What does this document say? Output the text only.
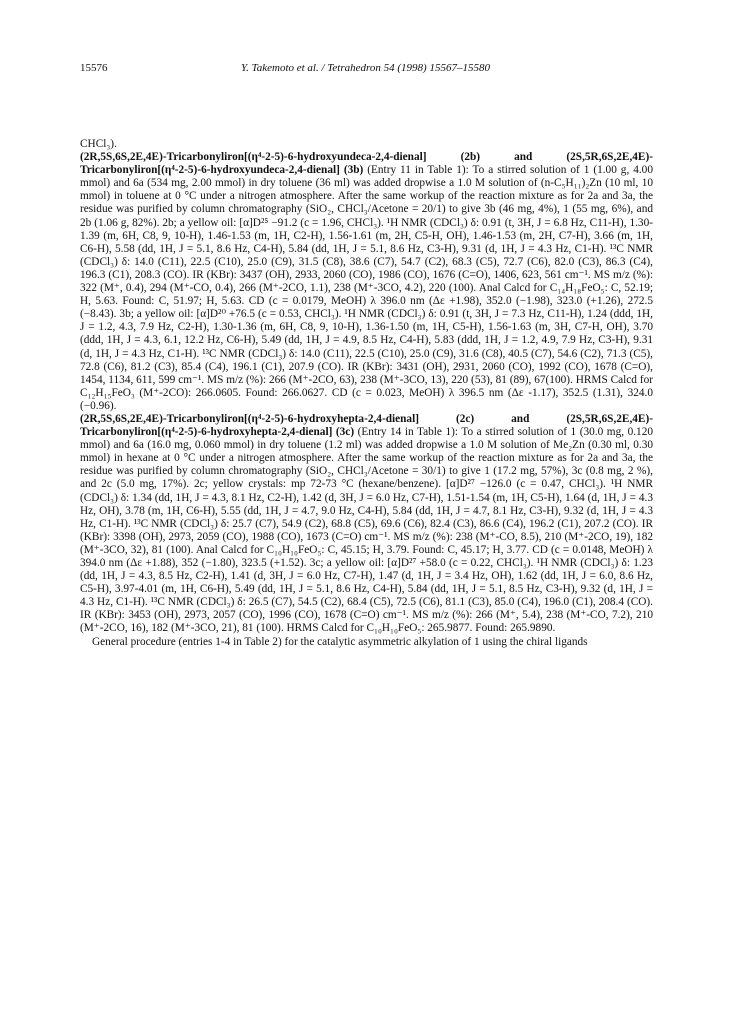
15576	Y. Takemoto et al. / Tetrahedron 54 (1998) 15567–15580

CHCl₃).

(2R,5S,6S,2E,4E)-Tricarbonyliron[(η⁴-2-5)-6-hydroxyundeca-2,4-dienal] (2b) and (2S,5R,6S,2E,4E)-Tricarbonyliron[(η⁴-2-5)-6-hydroxyundeca-2,4-dienal] (3b) (Entry 11 in Table 1): To a stirred solution of 1 (1.00 g, 4.00 mmol) and 6a (534 mg, 2.00 mmol) in dry toluene (36 ml) was added dropwise a 1.0 M solution of (n-C₅H₁₁)₂Zn (10 ml, 10 mmol) in toluene at 0 °C under a nitrogen atmosphere. After the same workup of the reaction mixture as for 2a and 3a, the residue was purified by column chromatography (SiO₂, CHCl₃/Acetone = 20/1) to give 3b (46 mg, 4%), 1 (55 mg, 6%), and 2b (1.06 g, 82%). 2b; a yellow oil: [α]D²⁵ −91.2 (c = 1.96, CHCl₃). ¹H NMR (CDCl₃) δ: 0.91 (t, 3H, J = 6.8 Hz, C11-H), 1.30-1.39 (m, 6H, C8, 9, 10-H), 1.46-1.53 (m, 1H, C2-H), 1.56-1.61 (m, 2H, C5-H, OH), 1.46-1.53 (m, 2H, C7-H), 3.66 (m, 1H, C6-H), 5.58 (dd, 1H, J = 5.1, 8.6 Hz, C4-H), 5.84 (dd, 1H, J = 5.1, 8.6 Hz, C3-H), 9.31 (d, 1H, J = 4.3 Hz, C1-H). ¹³C NMR (CDCl₃) δ: 14.0 (C11), 22.5 (C10), 25.0 (C9), 31.5 (C8), 38.6 (C7), 54.7 (C2), 68.3 (C5), 72.7 (C6), 82.0 (C3), 86.3 (C4), 196.3 (C1), 208.3 (CO). IR (KBr): 3437 (OH), 2933, 2060 (CO), 1986 (CO), 1676 (C=O), 1406, 623, 561 cm⁻¹. MS m/z (%): 322 (M⁺, 0.4), 294 (M⁺-CO, 0.4), 266 (M⁺-2CO, 1.1), 238 (M⁺-3CO, 4.2), 220 (100). Anal Calcd for C₁₄H₁₈FeO₅: C, 52.19; H, 5.63. Found: C, 51.97; H, 5.63. CD (c = 0.0179, MeOH) λ 396.0 nm (Δε +1.98), 352.0 (−1.98), 323.0 (+1.26), 272.5 (−8.43). 3b; a yellow oil: [α]D²⁰ +76.5 (c = 0.53, CHCl₃). ¹H NMR (CDCl₃) δ: 0.91 (t, 3H, J = 7.3 Hz, C11-H), 1.24 (ddd, 1H, J = 1.2, 4.3, 7.9 Hz, C2-H), 1.30-1.36 (m, 6H, C8, 9, 10-H), 1.36-1.50 (m, 1H, C5-H), 1.56-1.63 (m, 3H, C7-H, OH), 3.70 (ddd, 1H, J = 4.3, 6.1, 12.2 Hz, C6-H), 5.49 (dd, 1H, J = 4.9, 8.5 Hz, C4-H), 5.83 (ddd, 1H, J = 1.2, 4.9, 7.9 Hz, C3-H), 9.31 (d, 1H, J = 4.3 Hz, C1-H). ¹³C NMR (CDCl₃) δ: 14.0 (C11), 22.5 (C10), 25.0 (C9), 31.6 (C8), 40.5 (C7), 54.6 (C2), 71.3 (C5), 72.8 (C6), 81.2 (C3), 85.4 (C4), 196.1 (C1), 207.9 (CO). IR (KBr): 3431 (OH), 2931, 2060 (CO), 1992 (CO), 1678 (C=O), 1454, 1134, 611, 599 cm⁻¹. MS m/z (%): 266 (M⁺-2CO, 63), 238 (M⁺-3CO, 13), 220 (53), 81 (89), 67(100). HRMS Calcd for C₁₂H₁₅FeO₃ (M⁺-2CO): 266.0605. Found: 266.0627. CD (c = 0.023, MeOH) λ 396.5 nm (Δε -1.17), 352.5 (1.31), 324.0 (−0.96).

(2R,5S,6S,2E,4E)-Tricarbonyliron[(η⁴-2-5)-6-hydroxyhepta-2,4-dienal] (2c) and (2S,5R,6S,2E,4E)-Tricarbonyliron[(η⁴-2-5)-6-hydroxyhepta-2,4-dienal] (3c) (Entry 14 in Table 1): To a stirred solution of 1 (30.0 mg, 0.120 mmol) and 6a (16.0 mg, 0.060 mmol) in dry toluene (1.2 ml) was added dropwise a 1.0 M solution of Me₂Zn (0.30 ml, 0.30 mmol) in hexane at 0 °C under a nitrogen atmosphere. After the same workup of the reaction mixture as for 2a and 3a, the residue was purified by column chromatography (SiO₂, CHCl₃/Acetone = 30/1) to give 1 (17.2 mg, 57%), 3c (0.8 mg, 2 %), and 2c (5.0 mg, 17%). 2c; yellow crystals: mp 72-73 °C (hexane/benzene). [α]D²⁷ −126.0 (c = 0.47, CHCl₃). ¹H NMR (CDCl₃) δ: 1.34 (dd, 1H, J = 4.3, 8.1 Hz, C2-H), 1.42 (d, 3H, J = 6.0 Hz, C7-H), 1.51-1.54 (m, 1H, C5-H), 1.64 (d, 1H, J = 4.3 Hz, OH), 3.78 (m, 1H, C6-H), 5.55 (dd, 1H, J = 4.7, 9.0 Hz, C4-H), 5.84 (dd, 1H, J = 4.7, 8.1 Hz, C3-H), 9.32 (d, 1H, J = 4.3 Hz, C1-H). ¹³C NMR (CDCl₃) δ: 25.7 (C7), 54.9 (C2), 68.8 (C5), 69.6 (C6), 82.4 (C3), 86.6 (C4), 196.2 (C1), 207.2 (CO). IR (KBr): 3398 (OH), 2973, 2059 (CO), 1988 (CO), 1673 (C=O) cm⁻¹. MS m/z (%): 238 (M⁺-CO, 8.5), 210 (M⁺-2CO, 19), 182 (M⁺-3CO, 32), 81 (100). Anal Calcd for C₁₀H₁₀FeO₅: C, 45.15; H, 3.79. Found: C, 45.17; H, 3.77. CD (c = 0.0148, MeOH) λ 394.0 nm (Δε +1.88), 352 (−1.80), 323.5 (+1.52). 3c; a yellow oil: [α]D²⁷ +58.0 (c = 0.22, CHCl₃). ¹H NMR (CDCl₃) δ: 1.23 (dd, 1H, J = 4.3, 8.5 Hz, C2-H), 1.41 (d, 3H, J = 6.0 Hz, C7-H), 1.47 (d, 1H, J = 3.4 Hz, OH), 1.62 (dd, 1H, J = 6.0, 8.6 Hz, C5-H), 3.97-4.01 (m, 1H, C6-H), 5.49 (dd, 1H, J = 5.1, 8.6 Hz, C4-H), 5.84 (dd, 1H, J = 5.1, 8.5 Hz, C3-H), 9.32 (d, 1H, J = 4.3 Hz, C1-H). ¹³C NMR (CDCl₃) δ: 26.5 (C7), 54.5 (C2), 68.4 (C5), 72.5 (C6), 81.1 (C3), 85.0 (C4), 196.0 (C1), 208.4 (CO). IR (KBr): 3453 (OH), 2973, 2057 (CO), 1996 (CO), 1678 (C=O) cm⁻¹. MS m/z (%): 266 (M⁺, 5.4), 238 (M⁺-CO, 7.2), 210 (M⁺-2CO, 16), 182 (M⁺-3CO, 21), 81 (100). HRMS Calcd for C₁₀H₁₀FeO₅: 265.9877. Found: 265.9890.

General procedure (entries 1-4 in Table 2) for the catalytic asymmetric alkylation of 1 using the chiral ligands
